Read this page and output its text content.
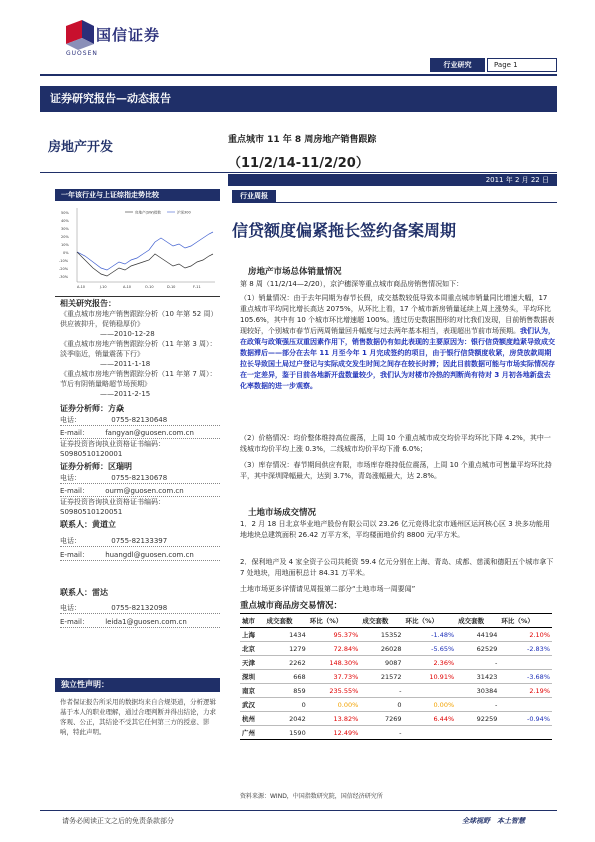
国信证券
GUOSEN
行业研究	Page 1
证券研究报告—动态报告
房地产开发	重点城市 11 年 8 周房地产销售跟踪
（11/2/14-11/2/20）
2011 年 2 月 22 日
一年该行业与上证综指走势比较
50%
40%
30%
20%
10%
0%
-10%
-20%
-30%
A-10	J-10	A-10	O-10	D-10	F-11
房地产(SW)指数	沪深300
相关研究报告：
《重点城市房地产销售跟踪分析（10 年第 52 周）供应被抑升，促销稳厚价》
——2010-12-28
《重点城市房地产销售跟踪分析（11 年第 3 周）：淡季临近，销量震荡下行》
——2011-1-18
《重点城市房地产销售跟踪分析（11 年第 7 周）：节后有阴销量略超节场预期》
——2011-2-15
证券分析师：方焱
电话：	0755-82130648
E-mail： fangyan@guosen.com.cn
证券投资咨询执业资格证书编码：
S0980510120001
证券分析师：区瑞明
电话：	0755-82130678
E-mail： ourm@guosen.com.cn
证券投资咨询执业资格证书编码：
S0980510120051
联系人：黄道立
电话：	0755-82133397
E-mail： huangdl@guosen.com.cn
联系人：雷达
电话：	0755-82132098
E-mail： leida1@guosen.com.cn
独立性声明：
作者保证报告所采用的数据均来自合规渠道，分析逻辑基于本人的职业理解，通过合理判断并得出结论，力求客观、公正，其结论不受其它任何第三方的授意、影响，特此声明。
行业周报
信贷额度偏紧拖长签约备案周期
房地产市场总体销量情况
第 8 周（11/2/14—2/20），京沪穗深等重点城市商品房销售情况如下：
（1）销量情况：由于去年同期为春节长假，成交基数较低导致本周重点城市销量同比增速大幅，17 重点城市平均同比增长高达 2075%，从环比上看，17 个城市新房销量延续上周上涨势头，平均环比 105.6%，其中有 10 个城市环比增速超 100%。透过历史数据图形的对比我们发现，目前销售数据表现较好，个别城市春节后两周销量回升幅度与过去两年基本相当，表现超出节前市场预期。我们认为，在政策与政策强压双重因素作用下，销售数据仍有如此表现的主要原因为：银行信贷额度趋紧导致成交数据滞后——部分在去年 11 月至今年 1 月完成签约的项目，由于银行信贷额度收紧，房贷放款周期拉长导致国土局过户登记与实际成交发生时间之间存在较长时滞；因此目前数据可能与市场实际情况存在一定差异，鉴于目前各地新开盘数量较少，我们认为对楼市冷热的判断尚有待对 3 月初各地新盘去化率数据的进一步观察。
（2）价格情况：均价整体维持高位震荡，上周 10 个重点城市成交均价平均环比下降 4.2%，其中一线城市均价平均上涨 0.3%，二线城市均价平均下滑 6.0%；
（3）库存情况：春节期间供应有限，市场库存维持低位震荡，上周 10 个重点城市可售量平均环比持平，其中深圳降幅最大，达到 3.7%，青岛涨幅最大，达 2.8%。
土地市场成交情况
1．2 月 18 日北京华业地产股份有限公司以 23.26 亿元竞得北京市通州区运河核心区 3 块多功能用地地块总建筑面积 26.42 万平方米，平均楼面地价约 8800 元/平方米。
2．保利地产及 4 家全资子公司共耗资 59.4 亿元分别在上海、青岛、成都、慈溪和德阳五个城市拿下 7 处地块，用地面积总计 84.31 万平米。
土地市场更多详情请见周报第二部分“土地市场一周要闻”
重点城市商品房交易情况：
城市	成交套数	环比（%）	成交套数	环比（%）	成交套数	环比（%）
上海	1434	95.37%	15352	-1.48%	44194	2.10%
北京	1279	72.84%	26028	-5.65%	62529	-2.83%
天津	2262	148.30%	9087	2.36%	-	
深圳	668	37.73%	21572	10.91%	31423	-3.68%
南京	859	235.55%	-		30384	2.19%
武汉	0	0.00%	0	0.00%	-	
杭州	2042	13.82%	7269	6.44%	92259	-0.94%
广州	1590	12.49%	-			
资料来源：WIND，中国指数研究院，国信经济研究所
请务必阅读正文之后的免责条款部分	全球视野　本土智慧
